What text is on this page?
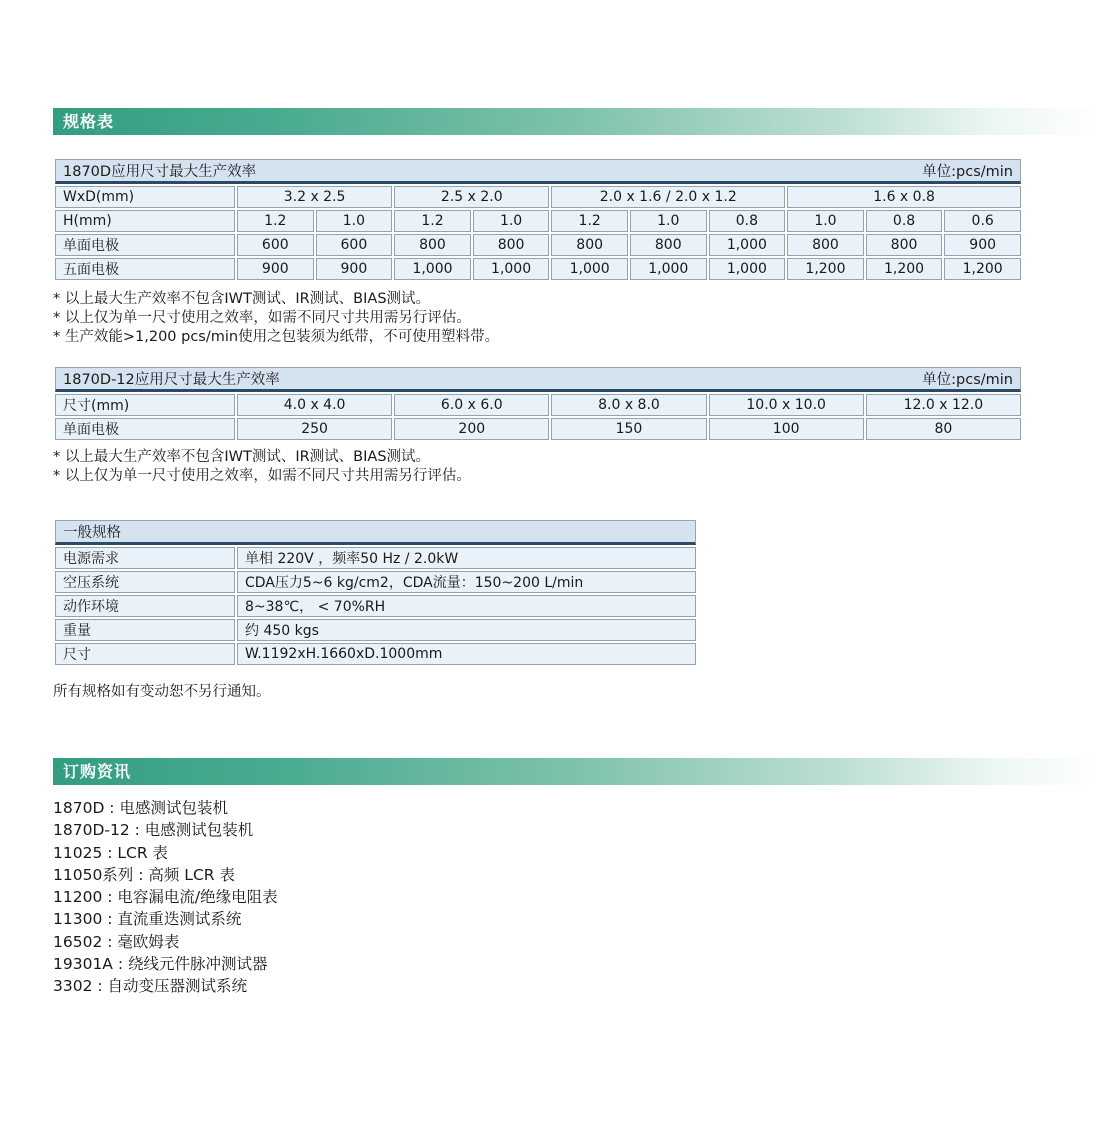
规格表
1870D应用尺寸最大生产效率 单位:pcs/min										

WxD(mm)	3.2 x 2.5		2.5 x 2.0		2.0 x 1.6 / 2.0 x 1.2			1.6 x 0.8		
H(mm)	1.2	1.0	1.2	1.0	1.2	1.0	0.8	1.0	0.8	0.6
单面电极	600	600	800	800	800	800	1,000	800	800	900
五面电极	900	900	1,000	1,000	1,000	1,000	1,000	1,200	1,200	1,200
* 以上最大生产效率不包含IWT测试、IR测试、BIAS测试。
* 以上仅为单一尺寸使用之效率，如需不同尺寸共用需另行评估。
* 生产效能>1,200 pcs/min使用之包装须为纸带，不可使用塑料带。
1870D-12应用尺寸最大生产效率 单位:pcs/min					

尺寸(mm)	4.0 x 4.0	6.0 x 6.0	8.0 x 8.0	10.0 x 10.0	12.0 x 12.0
单面电极	250	200	150	100	80
* 以上最大生产效率不包含IWT测试、IR测试、BIAS测试。
* 以上仅为单一尺寸使用之效率，如需不同尺寸共用需另行评估。
一般规格	
电源需求	单相 220V ，频率50 Hz / 2.0kW
空压系统	CDA压力5~6 kg/cm2，CDA流量：150~200 L/min
动作环境	8~38℃， < 70%RH
重量	约 450 kgs
尺寸	W.1192xH.1660xD.1000mm
所有规格如有变动恕不另行通知。
订购资讯
1870D : 电感测试包装机
1870D-12 : 电感测试包装机
11025 : LCR 表
11050系列 : 高频 LCR 表
11200 : 电容漏电流/绝缘电阻表
11300 : 直流重迭测试系统
16502 : 毫欧姆表
19301A : 绕线元件脉冲测试器
3302 : 自动变压器测试系统
